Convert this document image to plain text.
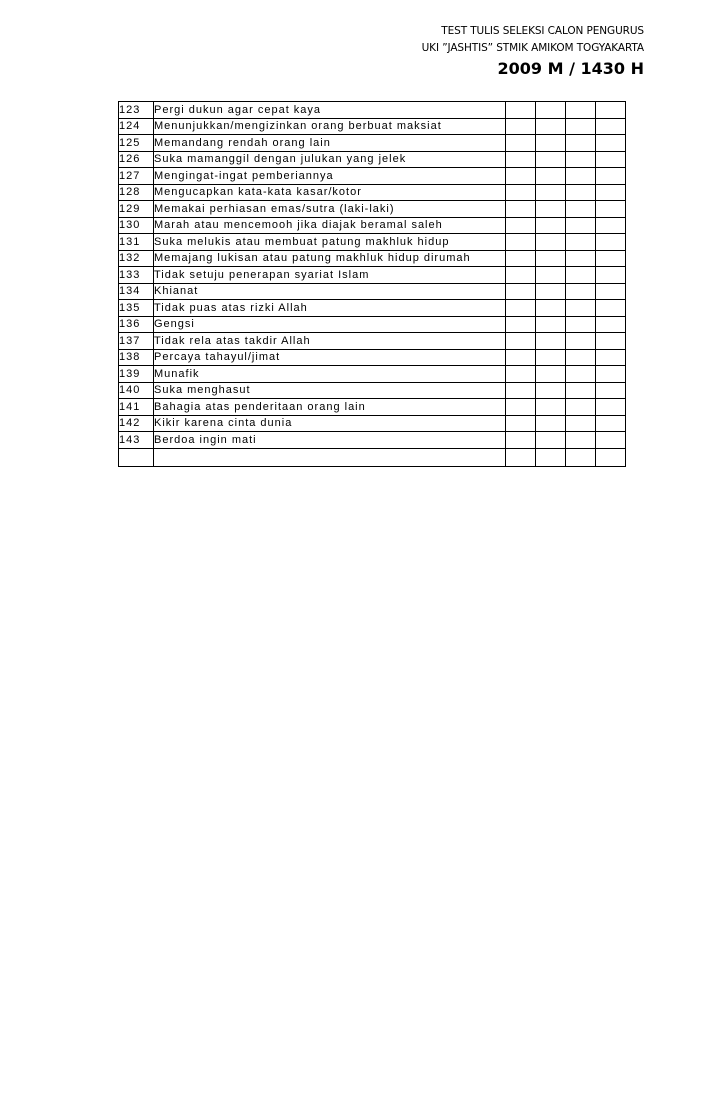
TEST TULIS SELEKSI CALON PENGURUS
UKI ”JASHTIS” STMIK AMIKOM TOGYAKARTA
2009 M / 1430 H
123	Pergi dukun agar cepat kaya				
124	Menunjukkan/mengizinkan orang berbuat maksiat				
125	Memandang rendah orang lain				
126	Suka mamanggil dengan julukan yang jelek				
127	Mengingat-ingat pemberiannya				
128	Mengucapkan kata-kata kasar/kotor				
129	Memakai perhiasan emas/sutra (laki-laki)				
130	Marah atau mencemooh jika diajak beramal saleh				
131	Suka melukis atau membuat patung makhluk hidup				
132	Memajang lukisan atau patung makhluk hidup dirumah				
133	Tidak setuju penerapan syariat Islam				
134	Khianat				
135	Tidak puas atas rizki Allah				
136	Gengsi				
137	Tidak rela atas takdir Allah				
138	Percaya tahayul/jimat				
139	Munafik				
140	Suka menghasut				
141	Bahagia atas penderitaan orang lain				
142	Kikir karena cinta dunia				
143	Berdoa ingin mati				
